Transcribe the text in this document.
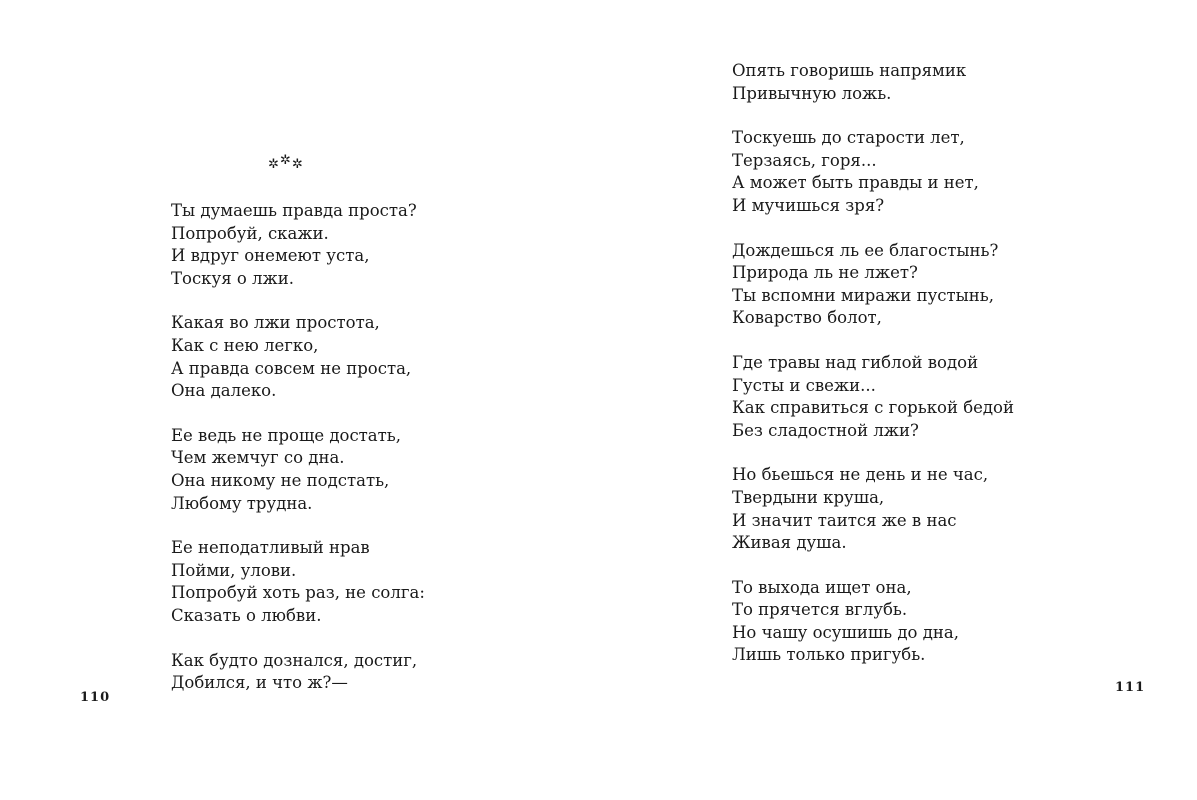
✲✲✲
Ты думаешь правда проста?
Попробуй, скажи.
И вдруг онемеют уста,
Тоскуя о лжи.
Какая во лжи простота,
Как с нею легко,
А правда совсем не проста,
Она далеко.
Ее ведь не проще достать,
Чем жемчуг со дна.
Она никому не подстать,
Любому трудна.
Ее неподатливый нрав
Пойми, улови.
Попробуй хоть раз, не солга:
Сказать о любви.
Как будто дознался, достиг,
Добился, и что ж?—
110
Опять говоришь напрямик
Привычную ложь.
Тоскуешь до старости лет,
Терзаясь, горя...
А может быть правды и нет,
И мучишься зря?
Дождешься ль ее благостынь?
Природа ль не лжет?
Ты вспомни миражи пустынь,
Коварство болот,
Где травы над гиблой водой
Густы и свежи...
Как справиться с горькой бедой
Без сладостной лжи?
Но бьешься не день и не час,
Твердыни круша,
И значит таится же в нас
Живая душа.
То выхода ищет она,
То прячется вглубь.
Но чашу осушишь до дна,
Лишь только пригубь.
111
